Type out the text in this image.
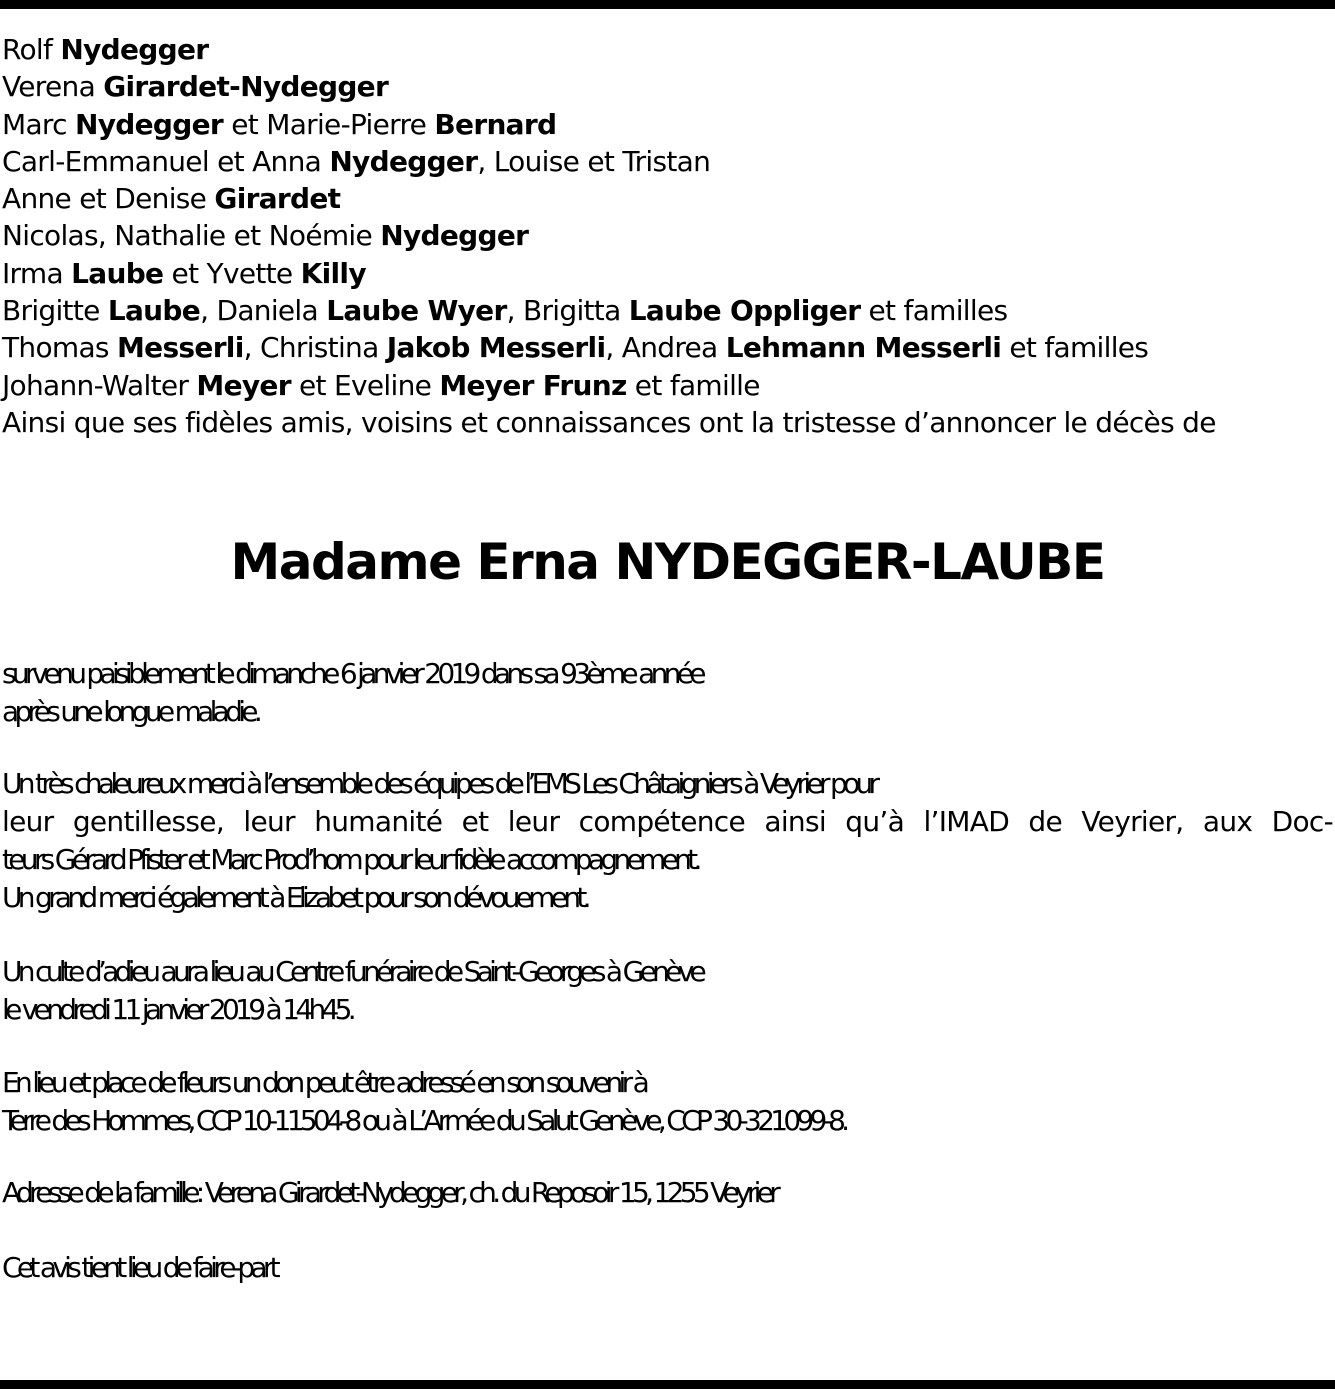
Rolf Nydegger
Verena Girardet-Nydegger
Marc Nydegger et Marie-Pierre Bernard
Carl-Emmanuel et Anna Nydegger, Louise et Tristan
Anne et Denise Girardet
Nicolas, Nathalie et Noémie Nydegger
Irma Laube et Yvette Killy
Brigitte Laube, Daniela Laube Wyer, Brigitta Laube Oppliger et familles
Thomas Messerli, Christina Jakob Messerli, Andrea Lehmann Messerli et familles
Johann-Walter Meyer et Eveline Meyer Frunz et famille
Ainsi que ses fidèles amis, voisins et connaissances ont la tristesse d’annoncer le décès de
Madame Erna NYDEGGER-LAUBE
survenu paisiblement le dimanche 6 janvier 2019 dans sa 93ème année
après une longue maladie.
Un très chaleureux merci à l’ensemble des équipes de l’EMS Les Châtaigniers à Veyrier pour
leur gentillesse, leur humanité et leur compétence ainsi qu’à l’IMAD de Veyrier, aux Doc-
teurs Gérard Pfister et Marc Prod’hom pour leur fidèle accompagnement.
Un grand merci également à Elizabet pour son dévouement.
Un culte d’adieu aura lieu au Centre funéraire de Saint-Georges à Genève
le vendredi 11 janvier 2019 à 14h45.
En lieu et place de fleurs un don peut être adressé en son souvenir à
Terre des Hommes, CCP 10-11504-8 ou à L’Armée du Salut Genève, CCP 30-321099-8.
Adresse de la famille: Verena Girardet-Nydegger, ch. du Reposoir 15, 1255 Veyrier
Cet avis tient lieu de faire-part
